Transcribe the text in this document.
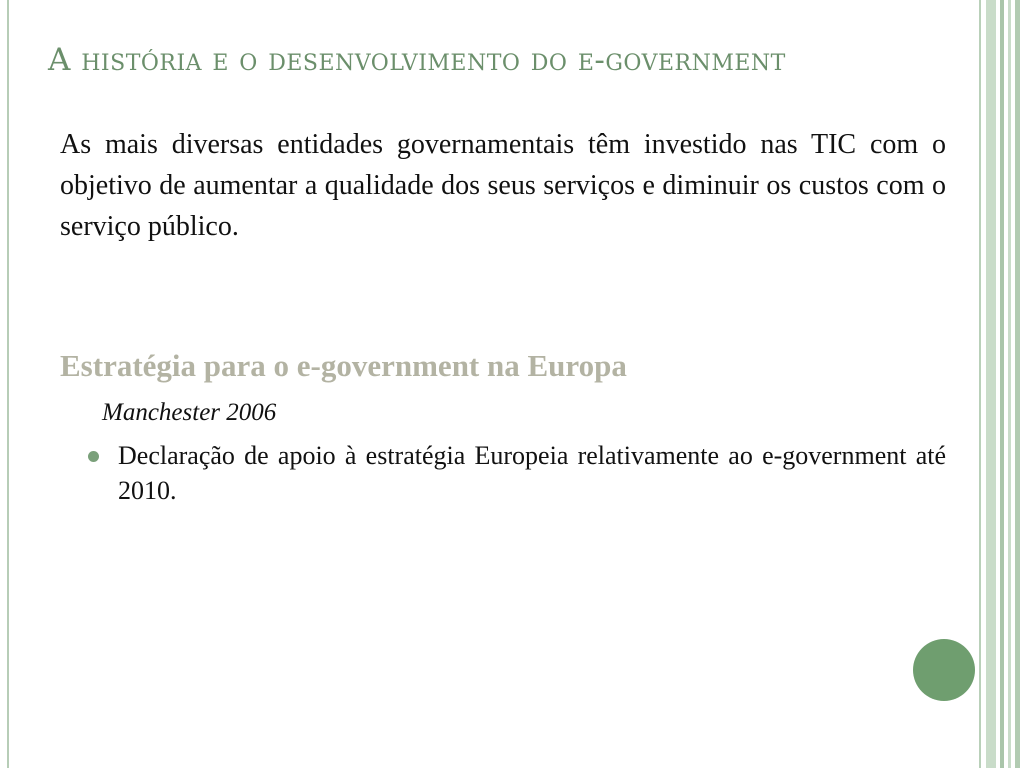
A história e o desenvolvimento do e-government

As mais diversas entidades governamentais têm investido nas TIC com o objetivo de aumentar a qualidade dos seus serviços e diminuir os custos com o serviço público.

Estratégia para o e-government na Europa
Manchester 2006

Declaração de apoio à estratégia Europeia relativamente ao e-government até 2010.
